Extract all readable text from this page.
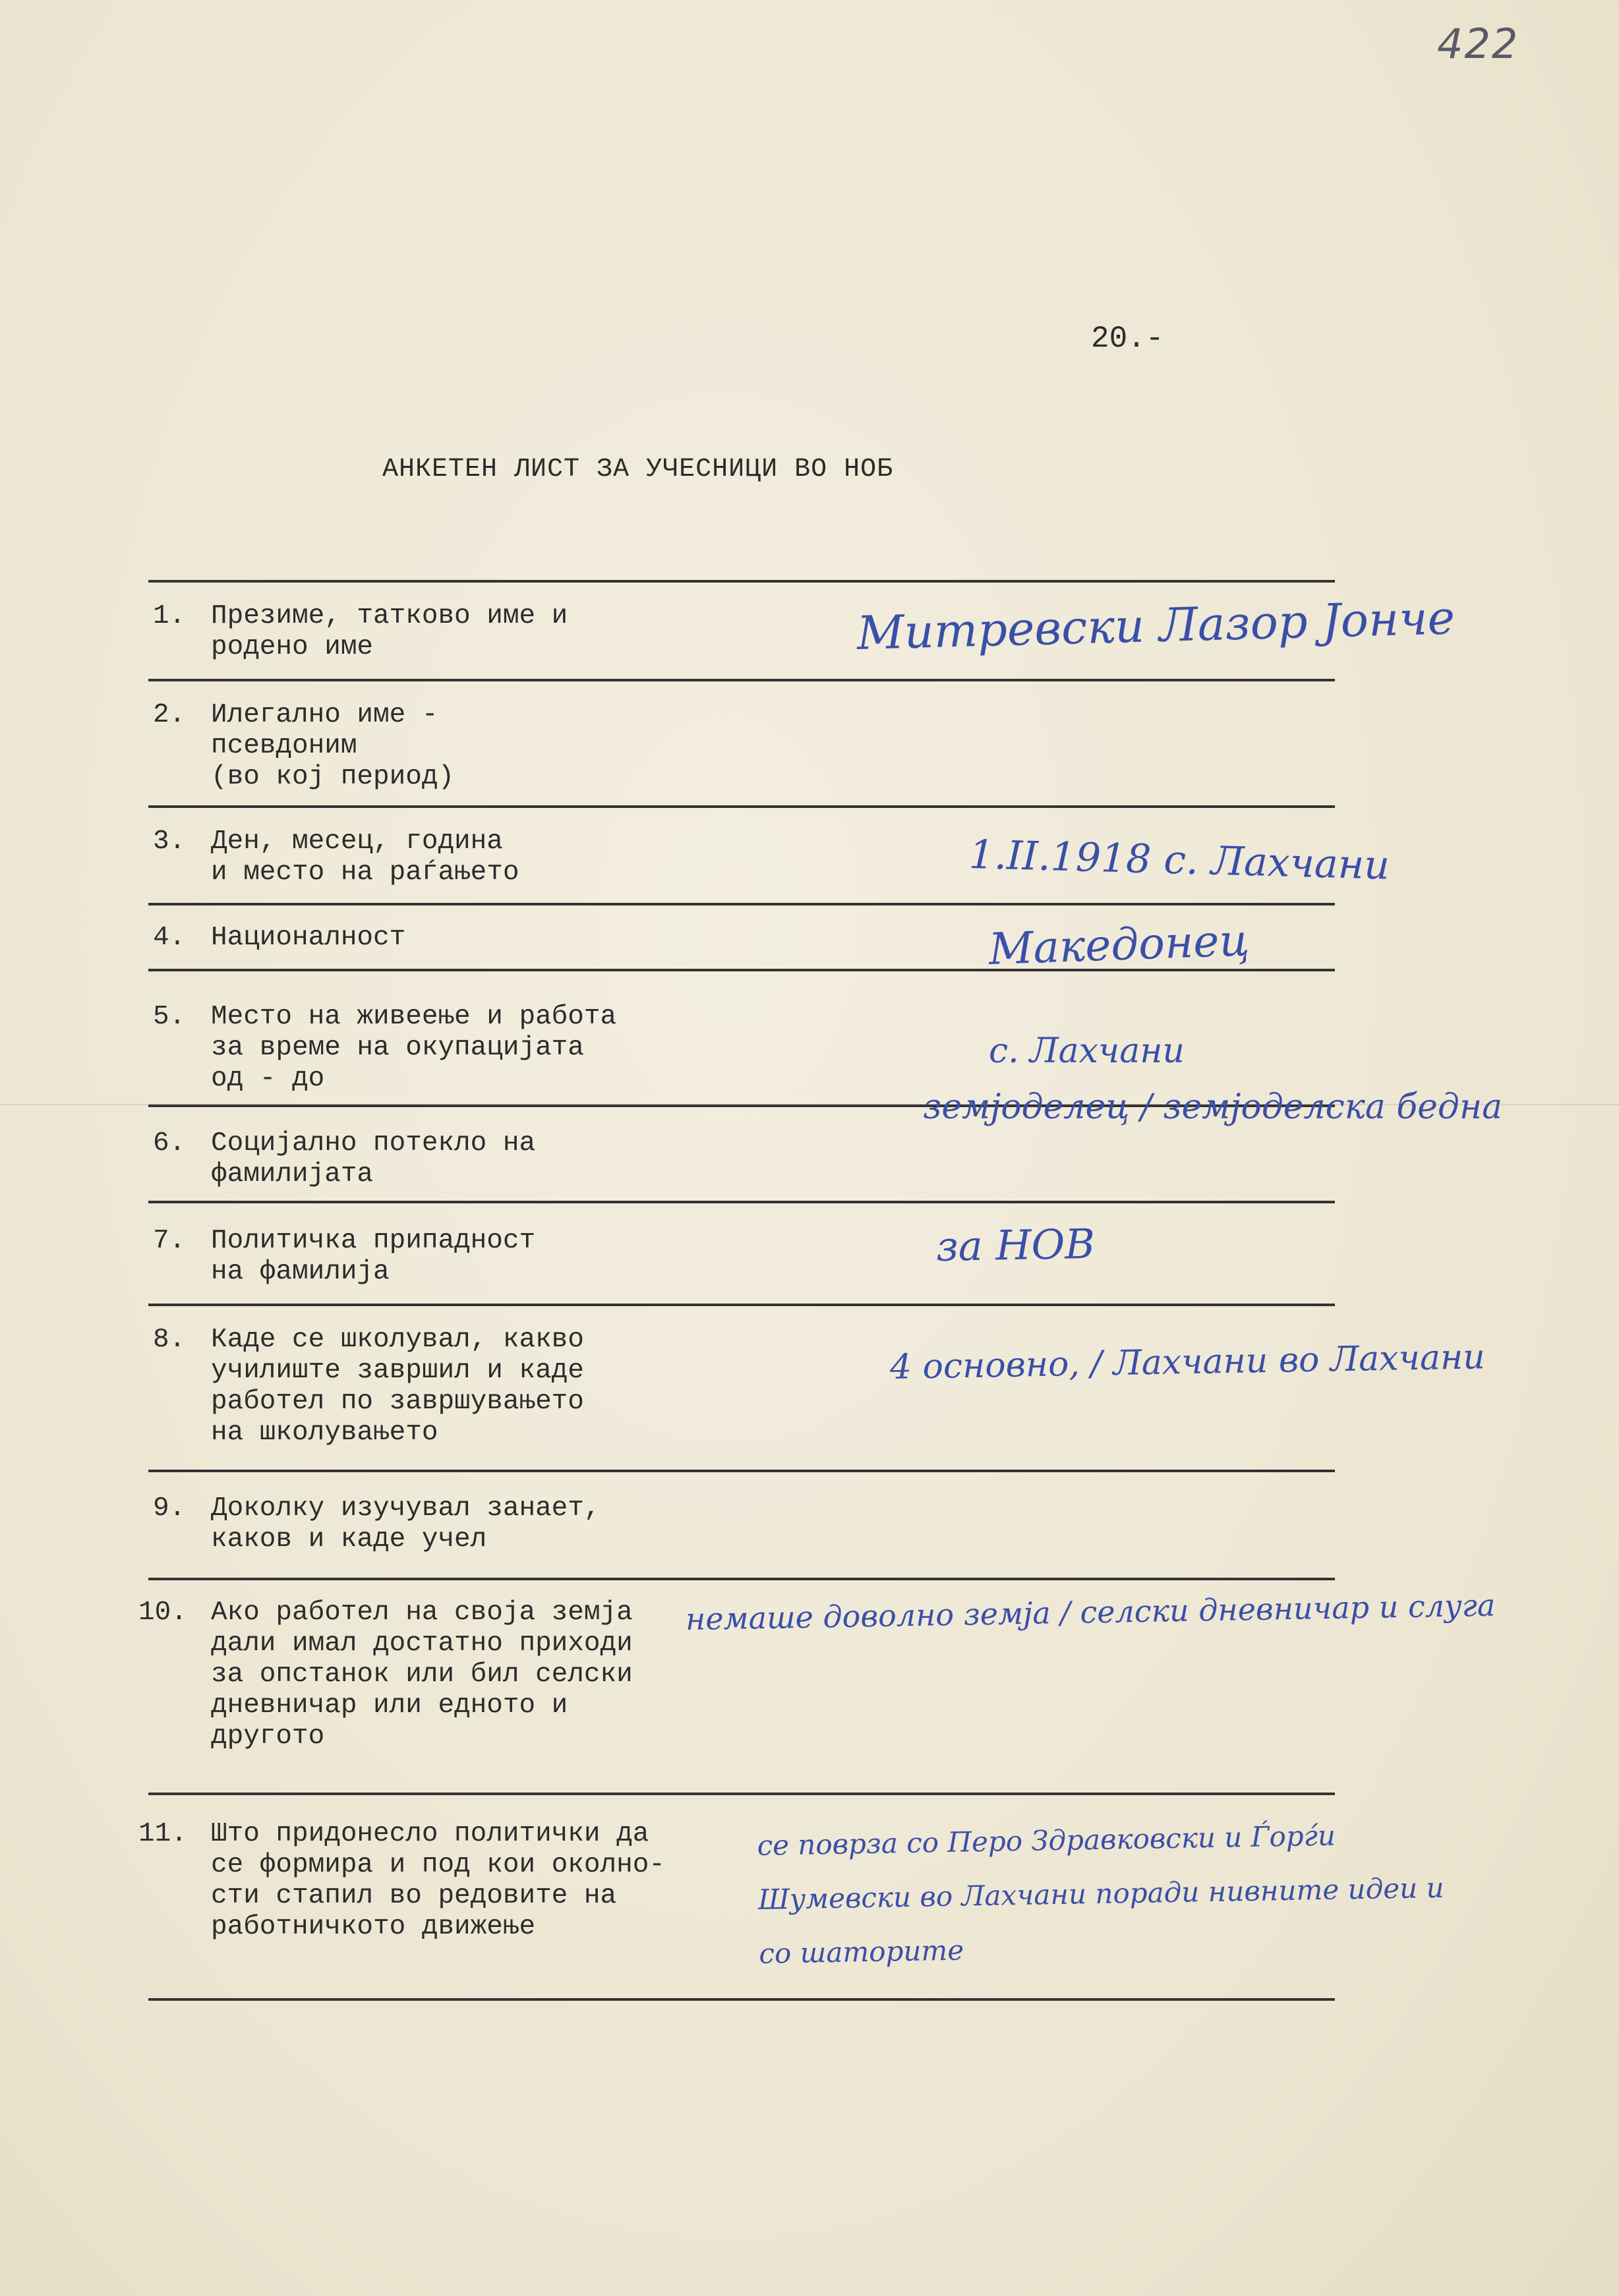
422
20.-
АНКЕТЕН ЛИСТ ЗА УЧЕСНИЦИ ВО НОБ
1. Презиме, татково име и
родено име
2. Илегално име -
псевдоним
(во кој период)
3. Ден, месец, година
и место на раѓањето
4. Националност
5. Место на живеење и работа
за време на окупацијата
од - до
6. Социјално потекло на
фамилијата
7. Политичка припадност
на фамилија
8. Каде се школувал, какво
училиште завршил и каде
работел по завршувањето
на школувањето
9. Доколку изучувал занает,
каков и каде учел
10. Ако работел на своја земја
дали имал достатно приходи
за опстанок или бил селски
дневничар или едното и
другото
11. Што придонесло политички да
се формира и под кои околно-
сти стапил во редовите на
работничкото движење
Митревски Лазор Јонче
1.II.1918 с. Лахчани
Македонец
с. Лахчани
земјоделец / земјоделска бедна
за НОВ
4 основно, / Лахчани во Лахчани
немаше доволно земја / селски дневничар и слуга
се поврза со Перо Здравковски и Ѓорѓи Шумевски во Лахчани поради нивните идеи и со шаторите
